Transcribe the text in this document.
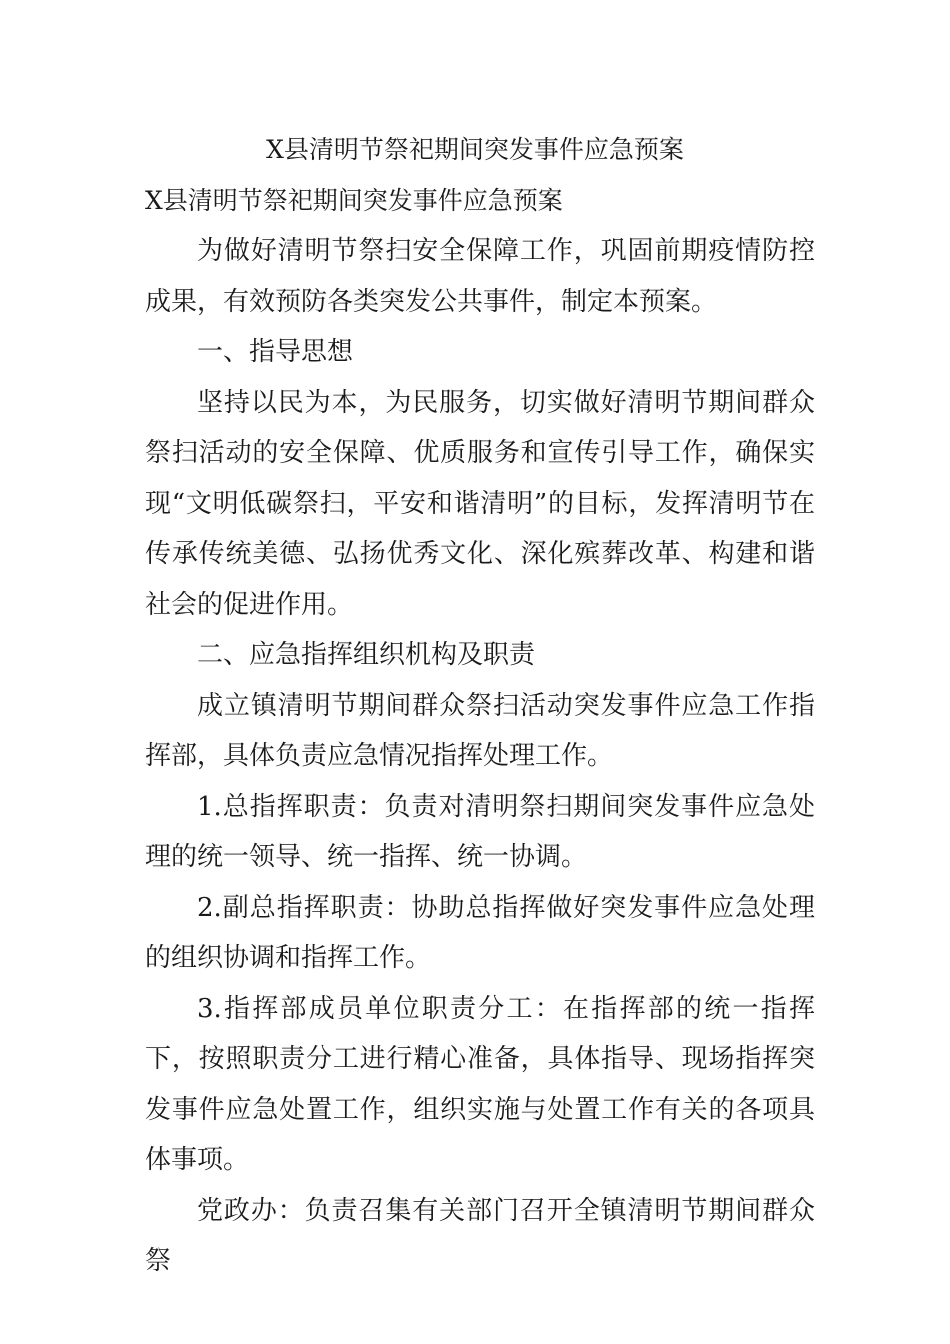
X县清明节祭祀期间突发事件应急预案
X县清明节祭祀期间突发事件应急预案

为做好清明节祭扫安全保障工作，巩固前期疫情防控成果，有效预防各类突发公共事件，制定本预案。

一、指导思想

坚持以民为本，为民服务，切实做好清明节期间群众祭扫活动的安全保障、优质服务和宣传引导工作，确保实现“文明低碳祭扫，平安和谐清明”的目标，发挥清明节在传承传统美德、弘扬优秀文化、深化殡葬改革、构建和谐社会的促进作用。

二、应急指挥组织机构及职责

成立镇清明节期间群众祭扫活动突发事件应急工作指挥部，具体负责应急情况指挥处理工作。

1.总指挥职责：负责对清明祭扫期间突发事件应急处理的统一领导、统一指挥、统一协调。

2.副总指挥职责：协助总指挥做好突发事件应急处理的组织协调和指挥工作。

3.指挥部成员单位职责分工：在指挥部的统一指挥下，按照职责分工进行精心准备，具体指导、现场指挥突发事件应急处置工作，组织实施与处置工作有关的各项具体事项。

党政办：负责召集有关部门召开全镇清明节期间群众祭
